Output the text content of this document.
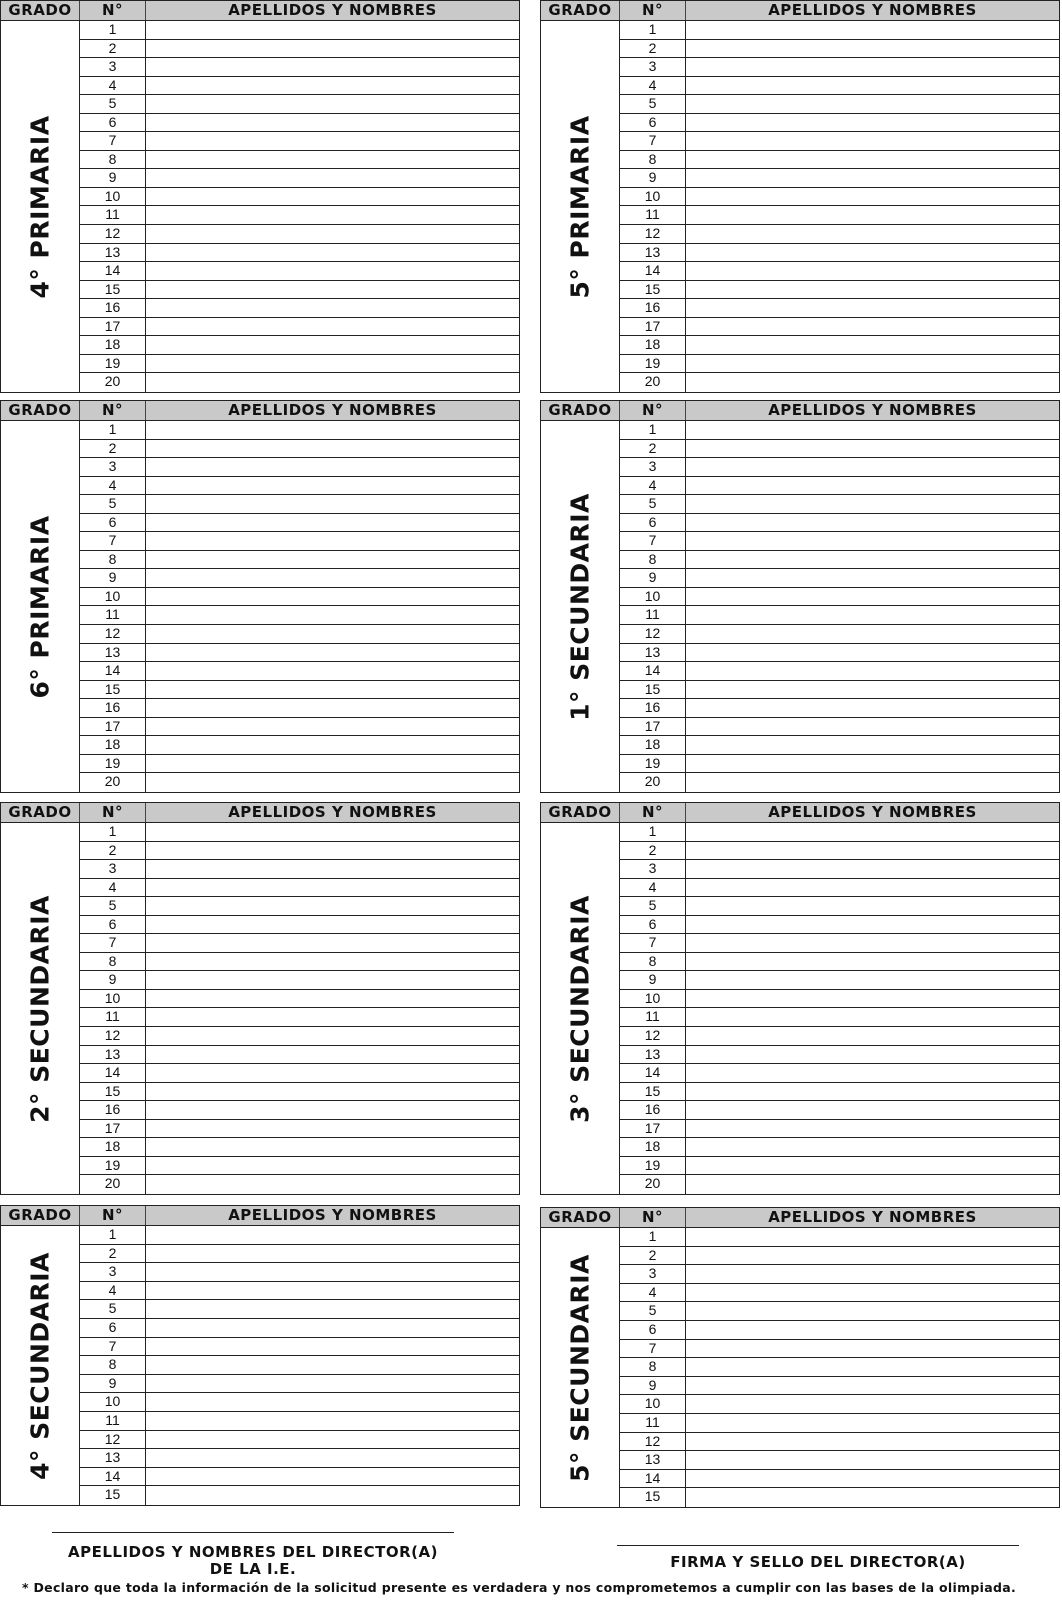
GRADO	N°	APELLIDOS Y NOMBRES
4° PRIMARIA
1
2
3
4
5
6
7
8
9
10
11
12
13
14
15
16
17
18
19
20
GRADO	N°	APELLIDOS Y NOMBRES
5° PRIMARIA
1
2
3
4
5
6
7
8
9
10
11
12
13
14
15
16
17
18
19
20
GRADO	N°	APELLIDOS Y NOMBRES
6° PRIMARIA
1
2
3
4
5
6
7
8
9
10
11
12
13
14
15
16
17
18
19
20
GRADO	N°	APELLIDOS Y NOMBRES
1° SECUNDARIA
1
2
3
4
5
6
7
8
9
10
11
12
13
14
15
16
17
18
19
20
GRADO	N°	APELLIDOS Y NOMBRES
2° SECUNDARIA
1
2
3
4
5
6
7
8
9
10
11
12
13
14
15
16
17
18
19
20
GRADO	N°	APELLIDOS Y NOMBRES
3° SECUNDARIA
1
2
3
4
5
6
7
8
9
10
11
12
13
14
15
16
17
18
19
20
GRADO	N°	APELLIDOS Y NOMBRES
4° SECUNDARIA
1
2
3
4
5
6
7
8
9
10
11
12
13
14
15
GRADO	N°	APELLIDOS Y NOMBRES
5° SECUNDARIA
1
2
3
4
5
6
7
8
9
10
11
12
13
14
15
APELLIDOS Y NOMBRES DEL DIRECTOR(A)
DE LA I.E.	FIRMA Y SELLO DEL DIRECTOR(A)
* Declaro que toda la información de la solicitud presente es verdadera y nos comprometemos a cumplir con las bases de la olimpiada.
